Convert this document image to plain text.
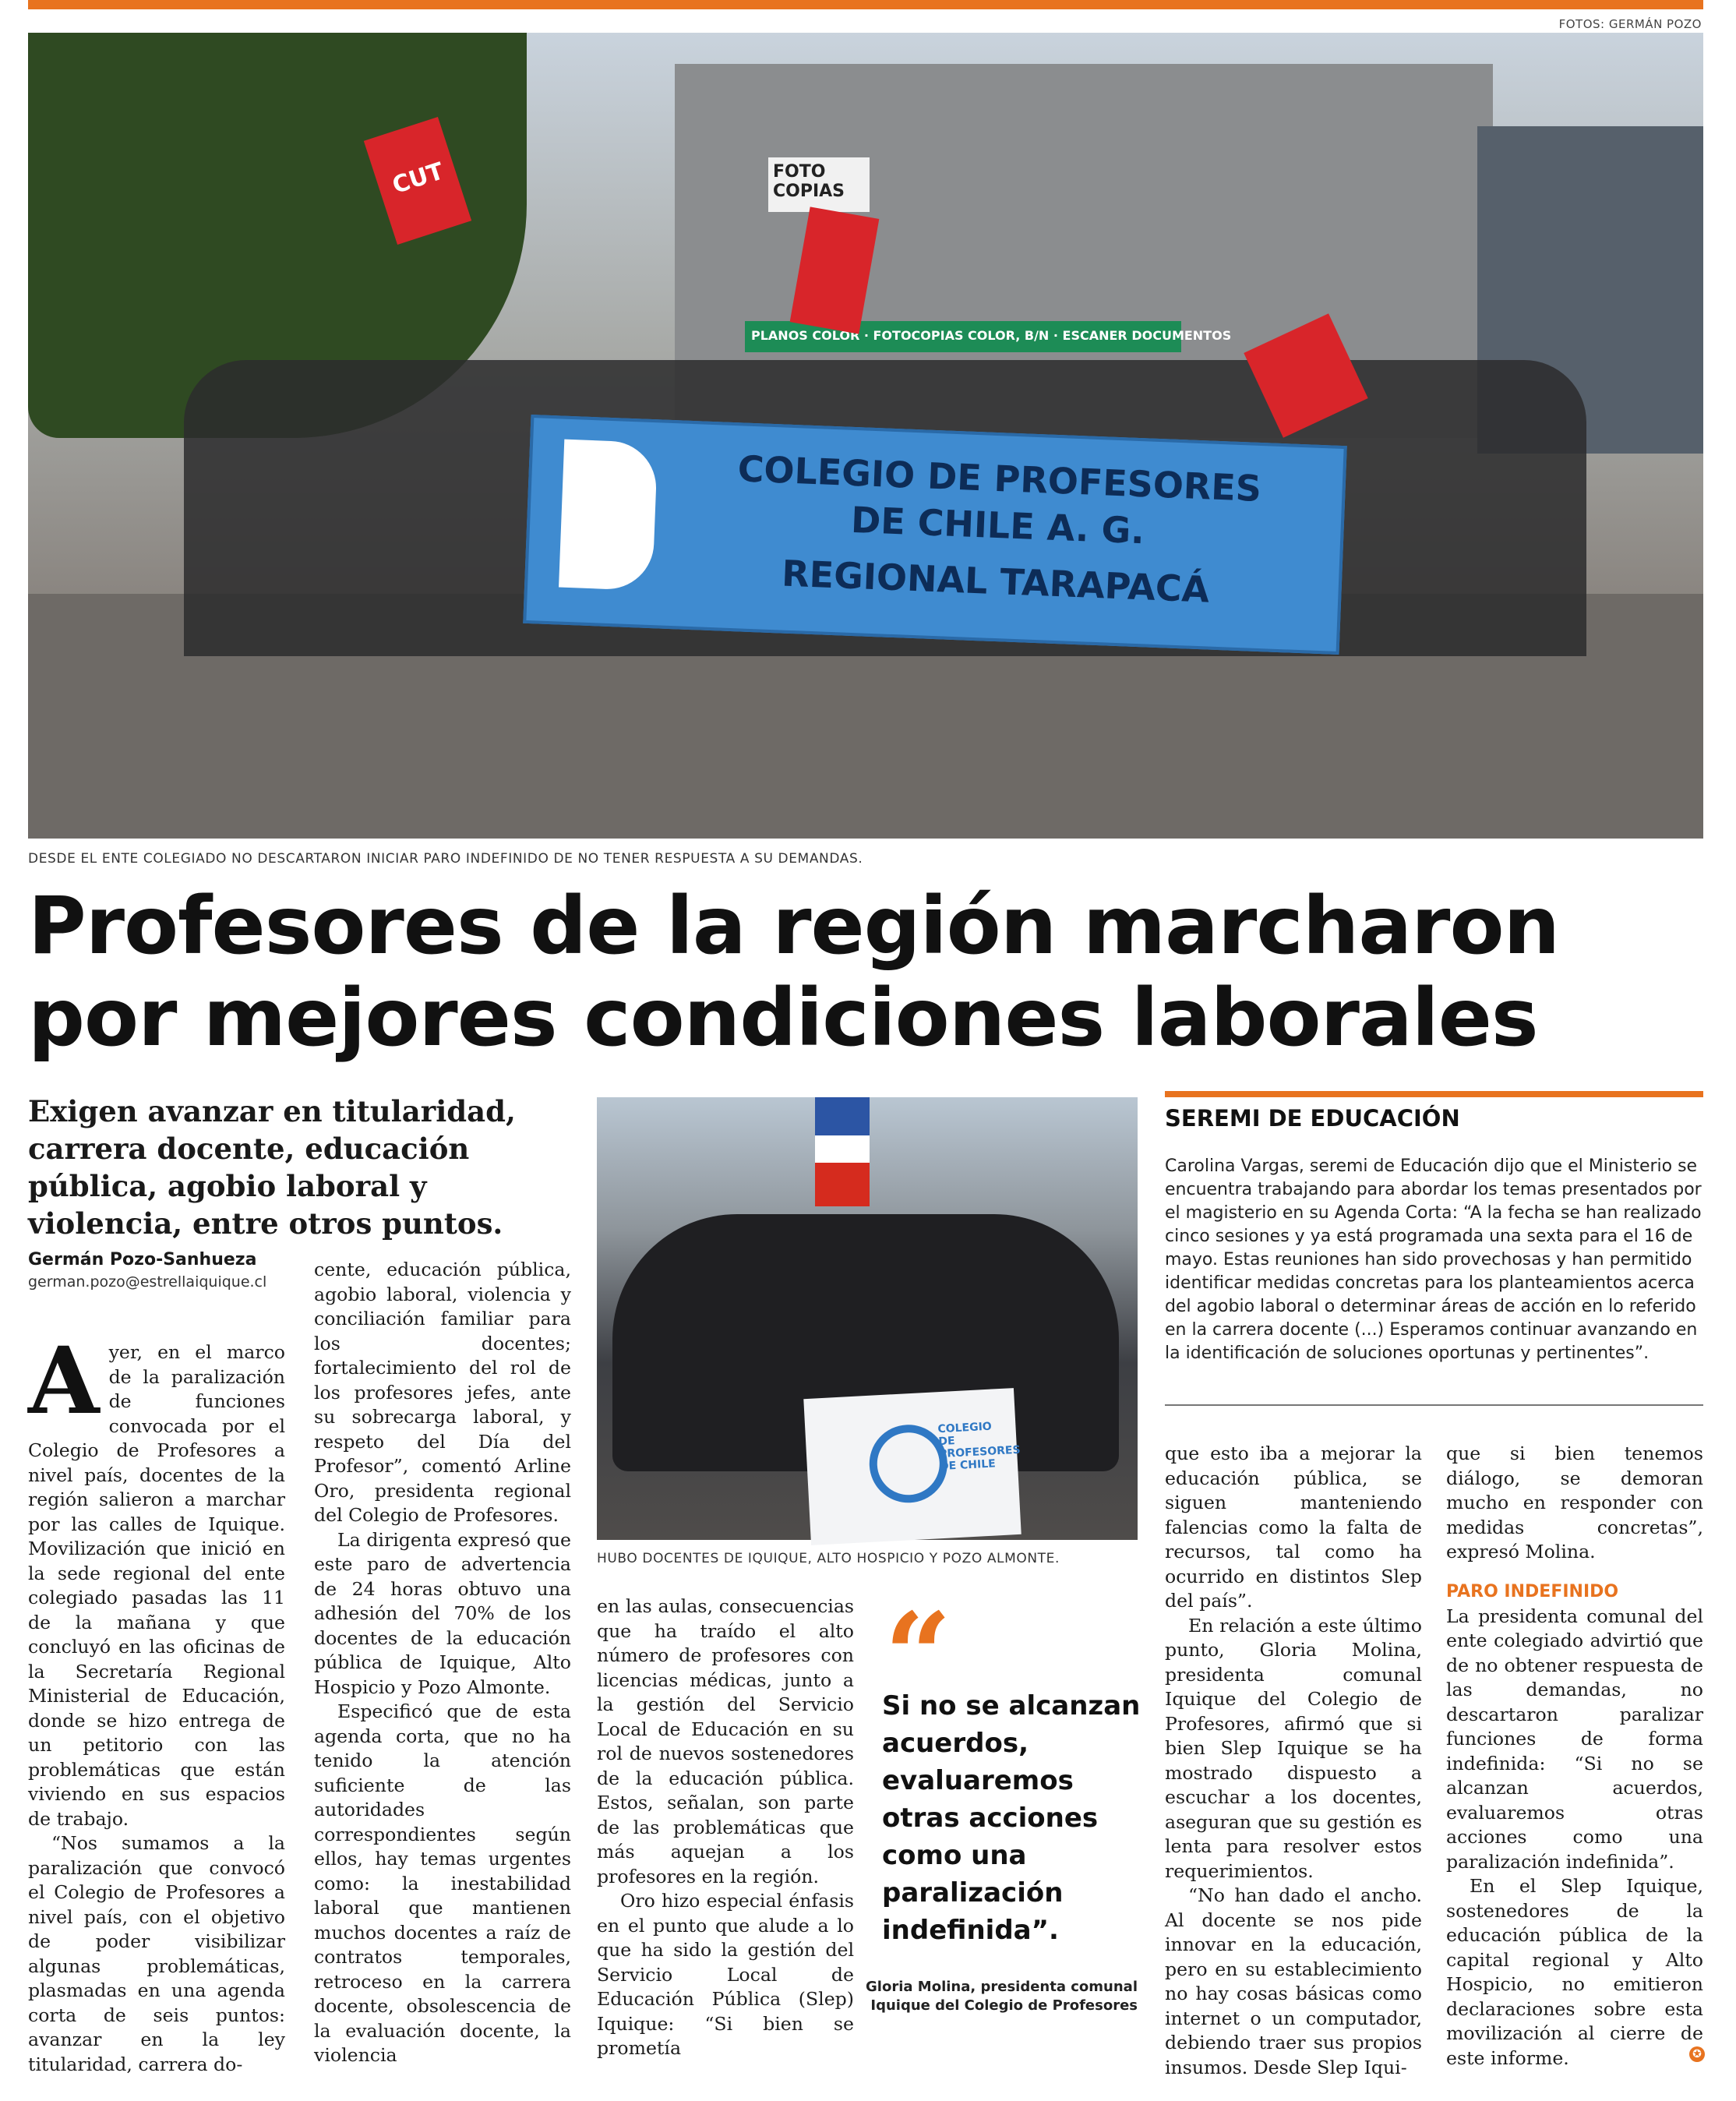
FOTOS: GERMÁN POZO
FOTO COPIAS
PLANOS COLOR · FOTOCOPIAS COLOR, B/N · ESCANER DOCUMENTOS
CUT
COLEGIO DE PROFESORES
DE CHILE A. G.
REGIONAL TARAPACÁ
DESDE EL ENTE COLEGIADO NO DESCARTARON INICIAR PARO INDEFINIDO DE NO TENER RESPUESTA A SU DEMANDAS.
Profesores de la región marcharon por mejores condiciones laborales
Exigen avanzar en titularidad, carrera docente, educación pública, agobio laboral y violencia, entre otros puntos.
Germán Pozo-Sanhueza
german.pozo@estrellaiquique.cl

Ayer, en el marco de la paralización de funciones convocada por el Colegio de Profesores a nivel país, docentes de la región salieron a marchar por las calles de Iquique. Movilización que inició en la sede regional del ente colegiado pasadas las 11 de la mañana y que concluyó en las oficinas de la Secretaría Regional Ministerial de Educación, donde se hizo entrega de un petitorio con las problemáticas que están viviendo en sus espacios de trabajo.

“Nos sumamos a la paralización que convocó el Colegio de Profesores a nivel país, con el objetivo de poder visibilizar algunas problemáticas, plasmadas en una agenda corta de seis puntos: avanzar en la ley titularidad, carrera do-

cente, educación pública, agobio laboral, violencia y conciliación familiar para los docentes; fortalecimiento del rol de los profesores jefes, ante su sobrecarga laboral, y respeto del Día del Profesor”, comentó Arline Oro, presidenta regional del Colegio de Profesores.

La dirigenta expresó que este paro de advertencia de 24 horas obtuvo una adhesión del 70% de los docentes de la educación pública de Iquique, Alto Hospicio y Pozo Almonte.

Especificó que de esta agenda corta, que no ha tenido la atención suficiente de las autoridades correspondientes según ellos, hay temas urgentes como: la inestabilidad laboral que mantienen muchos docentes a raíz de contratos temporales, retroceso en la carrera docente, obsolescencia de la evaluación docente, la violencia

COLEGIO DE PROFESORES DE CHILE
HUBO DOCENTES DE IQUIQUE, ALTO HOSPICIO Y POZO ALMONTE.

en las aulas, consecuencias que ha traído el alto número de profesores con licencias médicas, junto a la gestión del Servicio Local de Educación en su rol de nuevos sostenedores de la educación pública. Estos, señalan, son parte de las problemáticas que más aquejan a los profesores en la región.

Oro hizo especial énfasis en el punto que alude a lo que ha sido la gestión del Servicio Local de Educación Pública (Slep) Iquique: “Si bien se prometía

“
Si no se alcanzan acuerdos, evaluaremos otras acciones como una paralización indefinida”.
Gloria Molina, presidenta comunal Iquique del Colegio de Profesores
SEREMI DE EDUCACIÓN
Carolina Vargas, seremi de Educación dijo que el Ministerio se encuentra trabajando para abordar los temas presentados por el magisterio en su Agenda Corta: “A la fecha se han realizado cinco sesiones y ya está programada una sexta para el 16 de mayo. Estas reuniones han sido provechosas y han permitido identificar medidas concretas para los planteamientos acerca del agobio laboral o determinar áreas de acción en lo referido en la carrera docente (...) Esperamos continuar avanzando en la identificación de soluciones oportunas y pertinentes”.

que esto iba a mejorar la educación pública, se siguen manteniendo falencias como la falta de recursos, tal como ha ocurrido en distintos Slep del país”.

En relación a este último punto, Gloria Molina, presidenta comunal Iquique del Colegio de Profesores, afirmó que si bien Slep Iquique se ha mostrado dispuesto a escuchar a los docentes, aseguran que su gestión es lenta para resolver estos requerimientos.

“No han dado el ancho. Al docente se nos pide innovar en la educación, pero en su establecimiento no hay cosas básicas como internet o un computador, debiendo traer sus propios insumos. Desde Slep Iqui-

que si bien tenemos diálogo, se demoran mucho en responder con medidas concretas”, expresó Molina.

PARO INDEFINIDO

La presidenta comunal del ente colegiado advirtió que de no obtener respuesta de las demandas, no descartaron paralizar funciones de forma indefinida: “Si no se alcanzan acuerdos, evaluaremos otras acciones como una paralización indefinida”.

En el Slep Iquique, sostenedores de la educación pública de la capital regional y Alto Hospicio, no emitieron declaraciones sobre esta movilización al cierre de este informe.	✪
